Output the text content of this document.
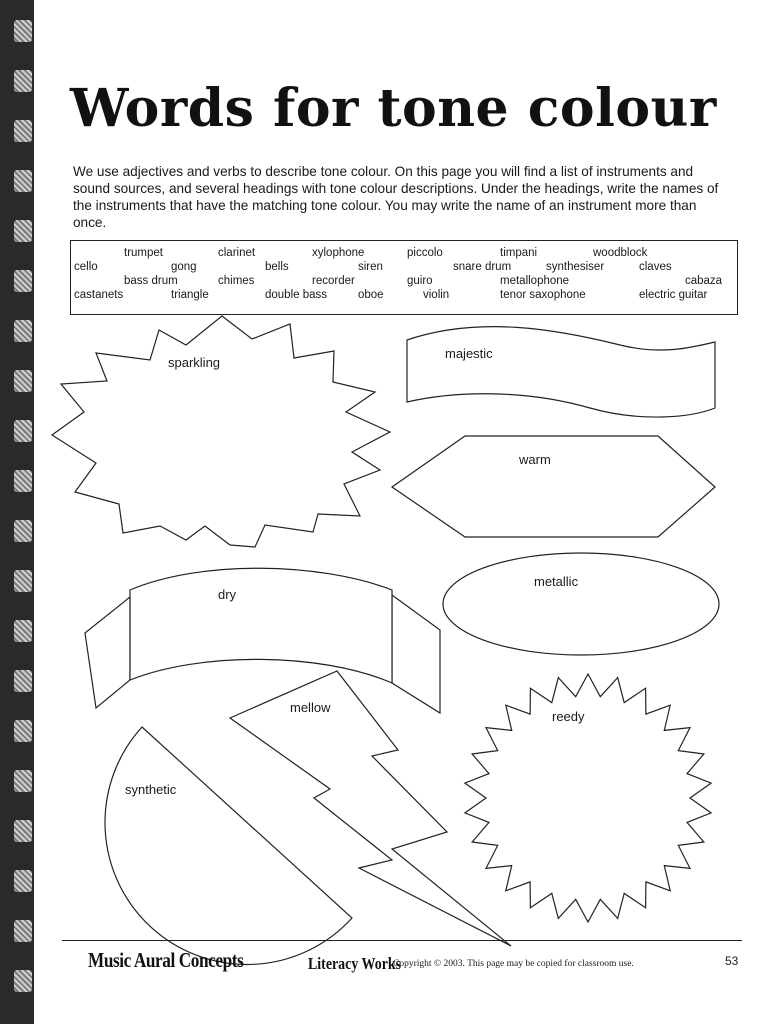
Words for tone colour

We use adjectives and verbs to describe tone colour. On this page you will find a list of instruments and sound sources, and several headings with tone colour descriptions. Under the headings, write the names of the instruments that have the matching tone colour. You may write the name of an instrument more than once.

trumpet	clarinet	xylophone	piccolo	timpani	woodblock
cello	gong	bells	siren	snare drum	synthesiser	claves
bass drum	chimes	recorder	guiro	metallophone	cabaza
castanets	triangle	double bass	oboe	violin	tenor saxophone	electric guitar
sparkling
majestic
warm
dry
metallic
mellow
reedy
synthetic
Music Aural Concepts	Literacy Works
Copyright © 2003. This page may be copied for classroom use.	53
